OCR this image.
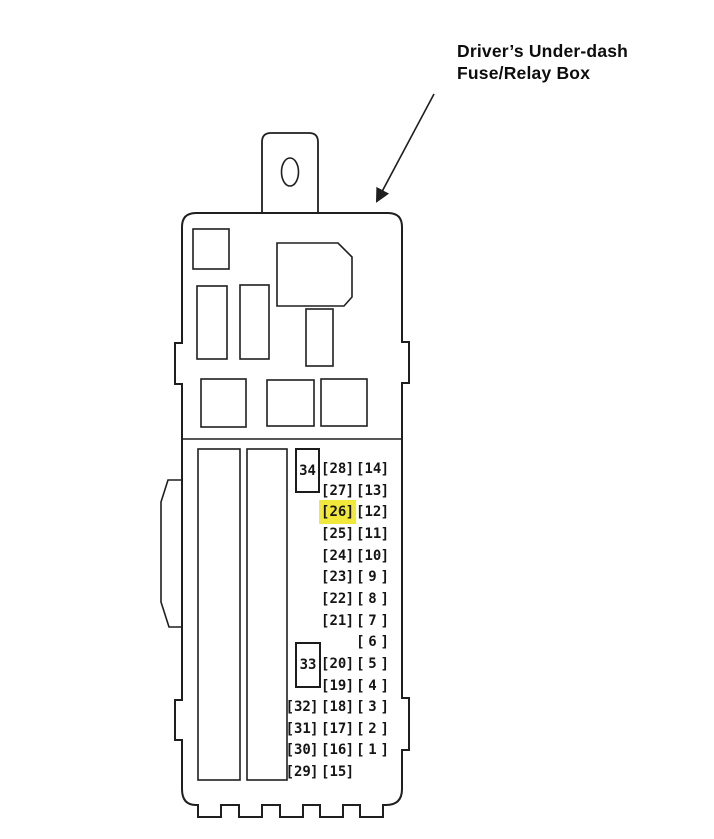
Driver’s Under-dash
Fuse/Relay Box
34
33
[ 28 ] [ 14 ]
[ 27 ] [ 13 ]
[ 26 ] [ 12 ]
[ 25 ] [ 11 ]
[ 24 ] [ 10 ]
[ 23 ] [ 9 ]
[ 22 ] [ 8 ]
[ 21 ] [ 7 ]
[ 6 ]
[ 20 ] [ 5 ]
[ 19 ] [ 4 ]
[ 32 ] [ 18 ] [ 3 ]
[ 31 ] [ 17 ] [ 2 ]
[ 30 ] [ 16 ] [ 1 ]
[ 29 ] [ 15 ]
